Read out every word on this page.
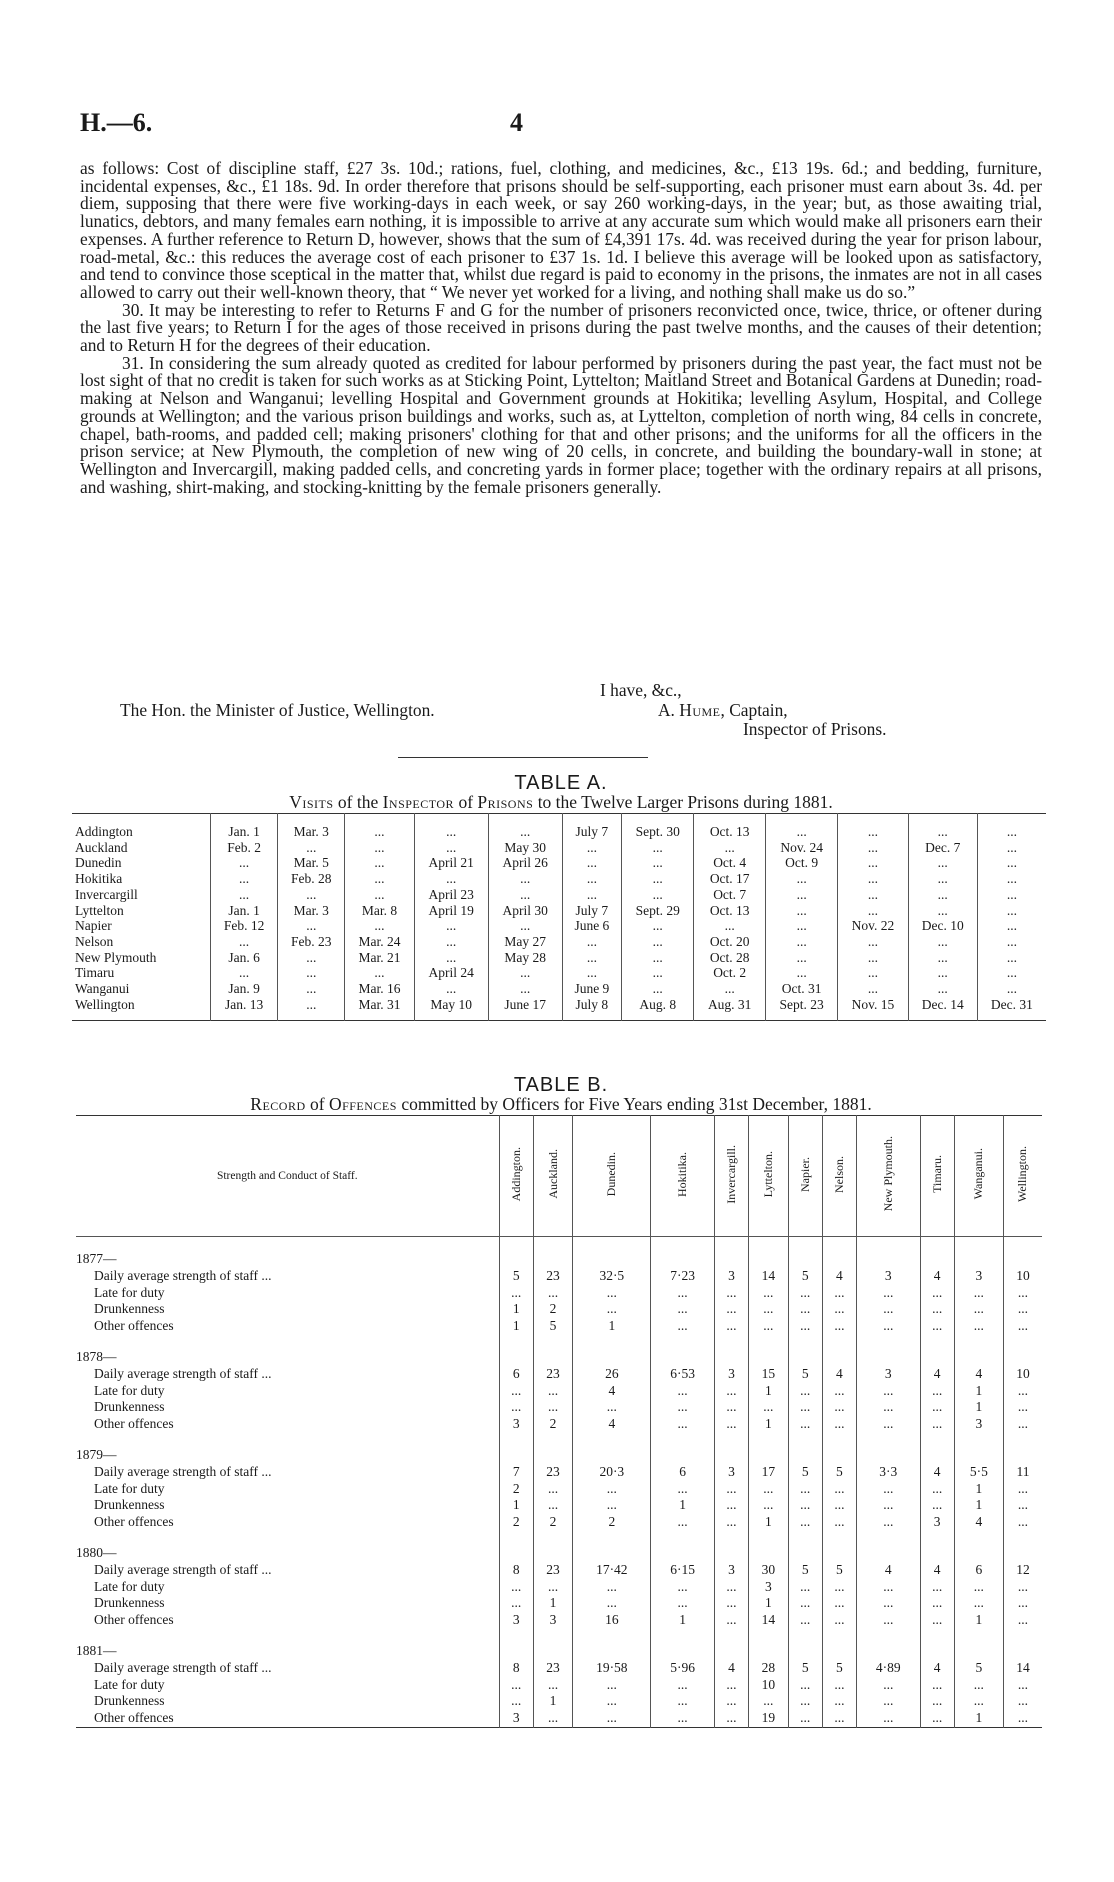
H.—6.	4

as follows: Cost of discipline staff, £27 3s. 10d.; rations, fuel, clothing, and medicines, &c., £13 19s. 6d.; and bedding, furniture, incidental expenses, &c., £1 18s. 9d. In order therefore that prisons should be self-supporting, each prisoner must earn about 3s. 4d. per diem, supposing that there were five working-days in each week, or say 260 working-days, in the year; but, as those awaiting trial, lunatics, debtors, and many females earn nothing, it is impossible to arrive at any accurate sum which would make all prisoners earn their expenses. A further reference to Return D, however, shows that the sum of £4,391 17s. 4d. was received during the year for prison labour, road-metal, &c.: this reduces the average cost of each prisoner to £37 1s. 1d. I believe this average will be looked upon as satisfactory, and tend to convince those sceptical in the matter that, whilst due regard is paid to economy in the prisons, the inmates are not in all cases allowed to carry out their well-known theory, that “ We never yet worked for a living, and nothing shall make us do so.”

30. It may be interesting to refer to Returns F and G for the number of prisoners reconvicted once, twice, thrice, or oftener during the last five years; to Return I for the ages of those received in prisons during the past twelve months, and the causes of their detention; and to Return H for the degrees of their education.

31. In considering the sum already quoted as credited for labour performed by prisoners during the past year, the fact must not be lost sight of that no credit is taken for such works as at Sticking Point, Lyttelton; Maitland Street and Botanical Gardens at Dunedin; road-making at Nelson and Wanganui; levelling Hospital and Government grounds at Hokitika; levelling Asylum, Hospital, and College grounds at Wellington; and the various prison buildings and works, such as, at Lyttelton, completion of north wing, 84 cells in concrete, chapel, bath-rooms, and padded cell; making prisoners' clothing for that and other prisons; and the uniforms for all the officers in the prison service; at New Plymouth, the completion of new wing of 20 cells, in concrete, and building the boundary-wall in stone; at Wellington and Invercargill, making padded cells, and concreting yards in former place; together with the ordinary repairs at all prisons, and washing, shirt-making, and stocking-knitting by the female prisoners generally.

I have, &c.,
The Hon. the Minister of Justice, Wellington.	A. Hume, Captain,
Inspector of Prisons.
TABLE A.
Visits of the Inspector of Prisons to the Twelve Larger Prisons during 1881.
Addington	Jan. 1	Mar. 3	...	...	...	July 7	Sept. 30	Oct. 13	...	...	...	...
Auckland	Feb. 2	...	...	...	May 30	...	...	...	Nov. 24	...	Dec. 7	...
Dunedin	...	Mar. 5	...	April 21	April 26	...	...	Oct. 4	Oct. 9	...	...	...
Hokitika	...	Feb. 28	...	...	...	...	...	Oct. 17	...	...	...	...
Invercargill	...	...	...	April 23	...	...	...	Oct. 7	...	...	...	...
Lyttelton	Jan. 1	Mar. 3	Mar. 8	April 19	April 30	July 7	Sept. 29	Oct. 13	...	...	...	...
Napier	Feb. 12	...	...	...	...	June 6	...	...	...	Nov. 22	Dec. 10	...
Nelson	...	Feb. 23	Mar. 24	...	May 27	...	...	Oct. 20	...	...	...	...
New Plymouth	Jan. 6	...	Mar. 21	...	May 28	...	...	Oct. 28	...	...	...	...
Timaru	...	...	...	April 24	...	...	...	Oct. 2	...	...	...	...
Wanganui	Jan. 9	...	Mar. 16	...	...	June 9	...	...	Oct. 31	...	...	...
Wellington	Jan. 13	...	Mar. 31	May 10	June 17	July 8	Aug. 8	Aug. 31	Sept. 23	Nov. 15	Dec. 14	Dec. 31
TABLE B.
Record of Offences committed by Officers for Five Years ending 31st December, 1881.
Strength and Conduct of Staff.	Addington.	Auckland.	Dunedin.	Hokitika.	Invercargill.	Lyttelton.	Napier.	Nelson.	New Plymouth.	Timaru.	Wanganui.	Wellington.
1877—												
Daily average strength of staff ...	5	23	32·5	7·23	3	14	5	4	3	4	3	10
Late for duty	...	...	...	...	...	...	...	...	...	...	...	...
Drunkenness	1	2	...	...	...	...	...	...	...	...	...	...
Other offences	1	5	1	...	...	...	...	...	...	...	...	...
1878—												
Daily average strength of staff ...	6	23	26	6·53	3	15	5	4	3	4	4	10
Late for duty	...	...	4	...	...	1	...	...	...	...	1	...
Drunkenness	...	...	...	...	...	...	...	...	...	...	1	...
Other offences	3	2	4	...	...	1	...	...	...	...	3	...
1879—												
Daily average strength of staff ...	7	23	20·3	6	3	17	5	5	3·3	4	5·5	11
Late for duty	2	...	...	...	...	...	...	...	...	...	1	...
Drunkenness	1	...	...	1	...	...	...	...	...	...	1	...
Other offences	2	2	2	...	...	1	...	...	...	3	4	...
1880—												
Daily average strength of staff ...	8	23	17·42	6·15	3	30	5	5	4	4	6	12
Late for duty	...	...	...	...	...	3	...	...	...	...	...	...
Drunkenness	...	1	...	...	...	1	...	...	...	...	...	...
Other offences	3	3	16	1	...	14	...	...	...	...	1	...
1881—												
Daily average strength of staff ...	8	23	19·58	5·96	4	28	5	5	4·89	4	5	14
Late for duty	...	...	...	...	...	10	...	...	...	...	...	...
Drunkenness	...	1	...	...	...	...	...	...	...	...	...	...
Other offences	3	...	...	...	...	19	...	...	...	...	1	...
